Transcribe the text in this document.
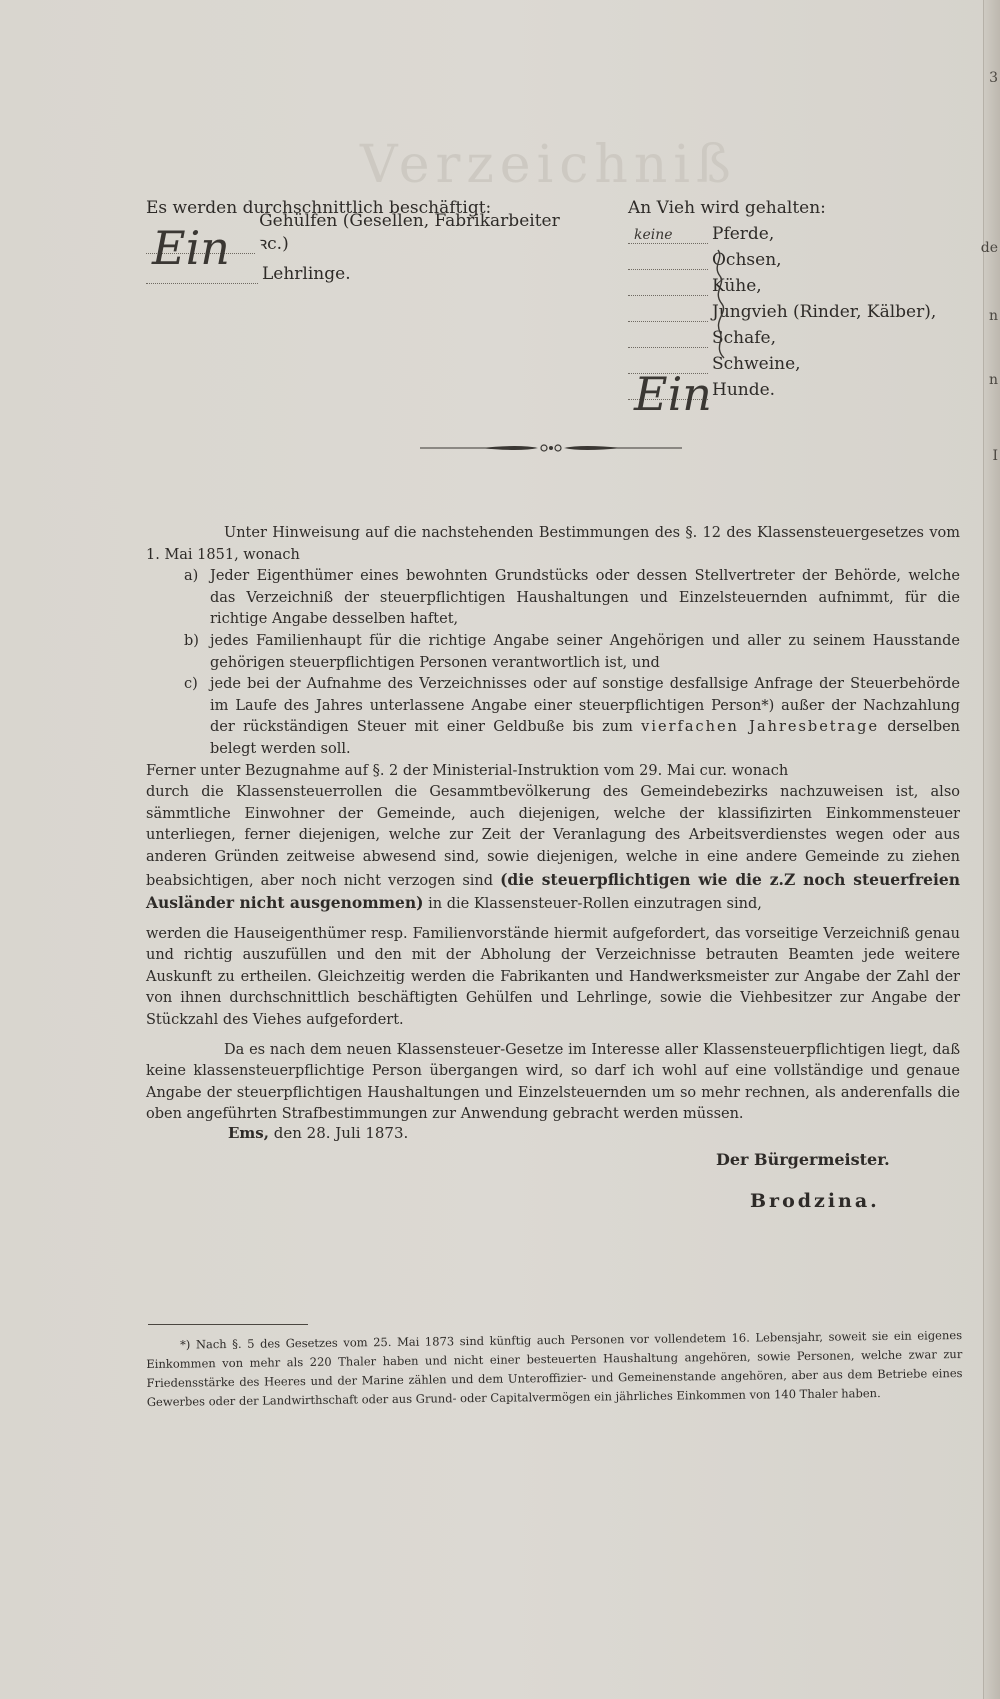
Verzeichniß
3
de
n
n
I
Es werden durchschnittlich beschäftigt:
Ein Gehülfen (Gesellen, Fabrikarbeiter ꝛc.)
Lehrlinge.
An Vieh wird gehalten:
keine Pferde,
Ochsen,
Kühe,
Jungvieh (Rinder, Kälber),
Schafe,
Schweine,
Ein Hunde.

Unter Hinweisung auf die nachstehenden Bestimmungen des §. 12 des Klassensteuergesetzes vom 1. Mai 1851, wonach

a) Jeder Eigenthümer eines bewohnten Grundstücks oder dessen Stellvertreter der Behörde, welche das Verzeichniß der steuerpflichtigen Haushaltungen und Einzelsteuernden aufnimmt, für die richtige Angabe desselben haftet,
b) jedes Familienhaupt für die richtige Angabe seiner Angehörigen und aller zu seinem Hausstande gehörigen steuerpflichtigen Personen verantwortlich ist, und
c) jede bei der Aufnahme des Verzeichnisses oder auf sonstige desfallsige Anfrage der Steuerbehörde im Laufe des Jahres unterlassene Angabe einer steuerpflichtigen Person*) außer der Nachzahlung der rückständigen Steuer mit einer Geldbuße bis zum vierfachen Jahresbetrage derselben belegt werden soll.

Ferner unter Bezugnahme auf §. 2 der Ministerial-Instruktion vom 29. Mai cur. wonach

durch die Klassensteuerrollen die Gesammtbevölkerung des Gemeindebezirks nachzuweisen ist, also sämmtliche Einwohner der Gemeinde, auch diejenigen, welche der klassifizirten Einkommensteuer unterliegen, ferner diejenigen, welche zur Zeit der Veranlagung des Arbeitsverdienstes wegen oder aus anderen Gründen zeitweise abwesend sind, sowie diejenigen, welche in eine andere Gemeinde zu ziehen beabsichtigen, aber noch nicht verzogen sind (die steuerpflichtigen wie die z.Z noch steuerfreien Ausländer nicht ausgenommen) in die Klassensteuer-Rollen einzutragen sind,

werden die Hauseigenthümer resp. Familienvorstände hiermit aufgefordert, das vorseitige Verzeichniß genau und richtig auszufüllen und den mit der Abholung der Verzeichnisse betrauten Beamten jede weitere Auskunft zu ertheilen. Gleichzeitig werden die Fabrikanten und Handwerksmeister zur Angabe der Zahl der von ihnen durchschnittlich beschäftigten Gehülfen und Lehrlinge, sowie die Viehbesitzer zur Angabe der Stückzahl des Viehes aufgefordert.

Da es nach dem neuen Klassensteuer-Gesetze im Interesse aller Klassensteuerpflichtigen liegt, daß keine klassensteuerpflichtige Person übergangen wird, so darf ich wohl auf eine vollständige und genaue Angabe der steuerpflichtigen Haushaltungen und Einzelsteuernden um so mehr rechnen, als anderenfalls die oben angeführten Strafbestimmungen zur Anwendung gebracht werden müssen.

Ems, den 28. Juli 1873.
Der Bürgermeister.
Brodzina.

*) Nach §. 5 des Gesetzes vom 25. Mai 1873 sind künftig auch Personen vor vollendetem 16. Lebensjahr, soweit sie ein eigenes Einkommen von mehr als 220 Thaler haben und nicht einer besteuerten Haushaltung angehören, sowie Personen, welche zwar zur Friedensstärke des Heeres und der Marine zählen und dem Unteroffizier- und Gemeinenstande angehören, aber aus dem Betriebe eines Gewerbes oder der Landwirthschaft oder aus Grund- oder Capitalvermögen ein jährliches Einkommen von 140 Thaler haben.
